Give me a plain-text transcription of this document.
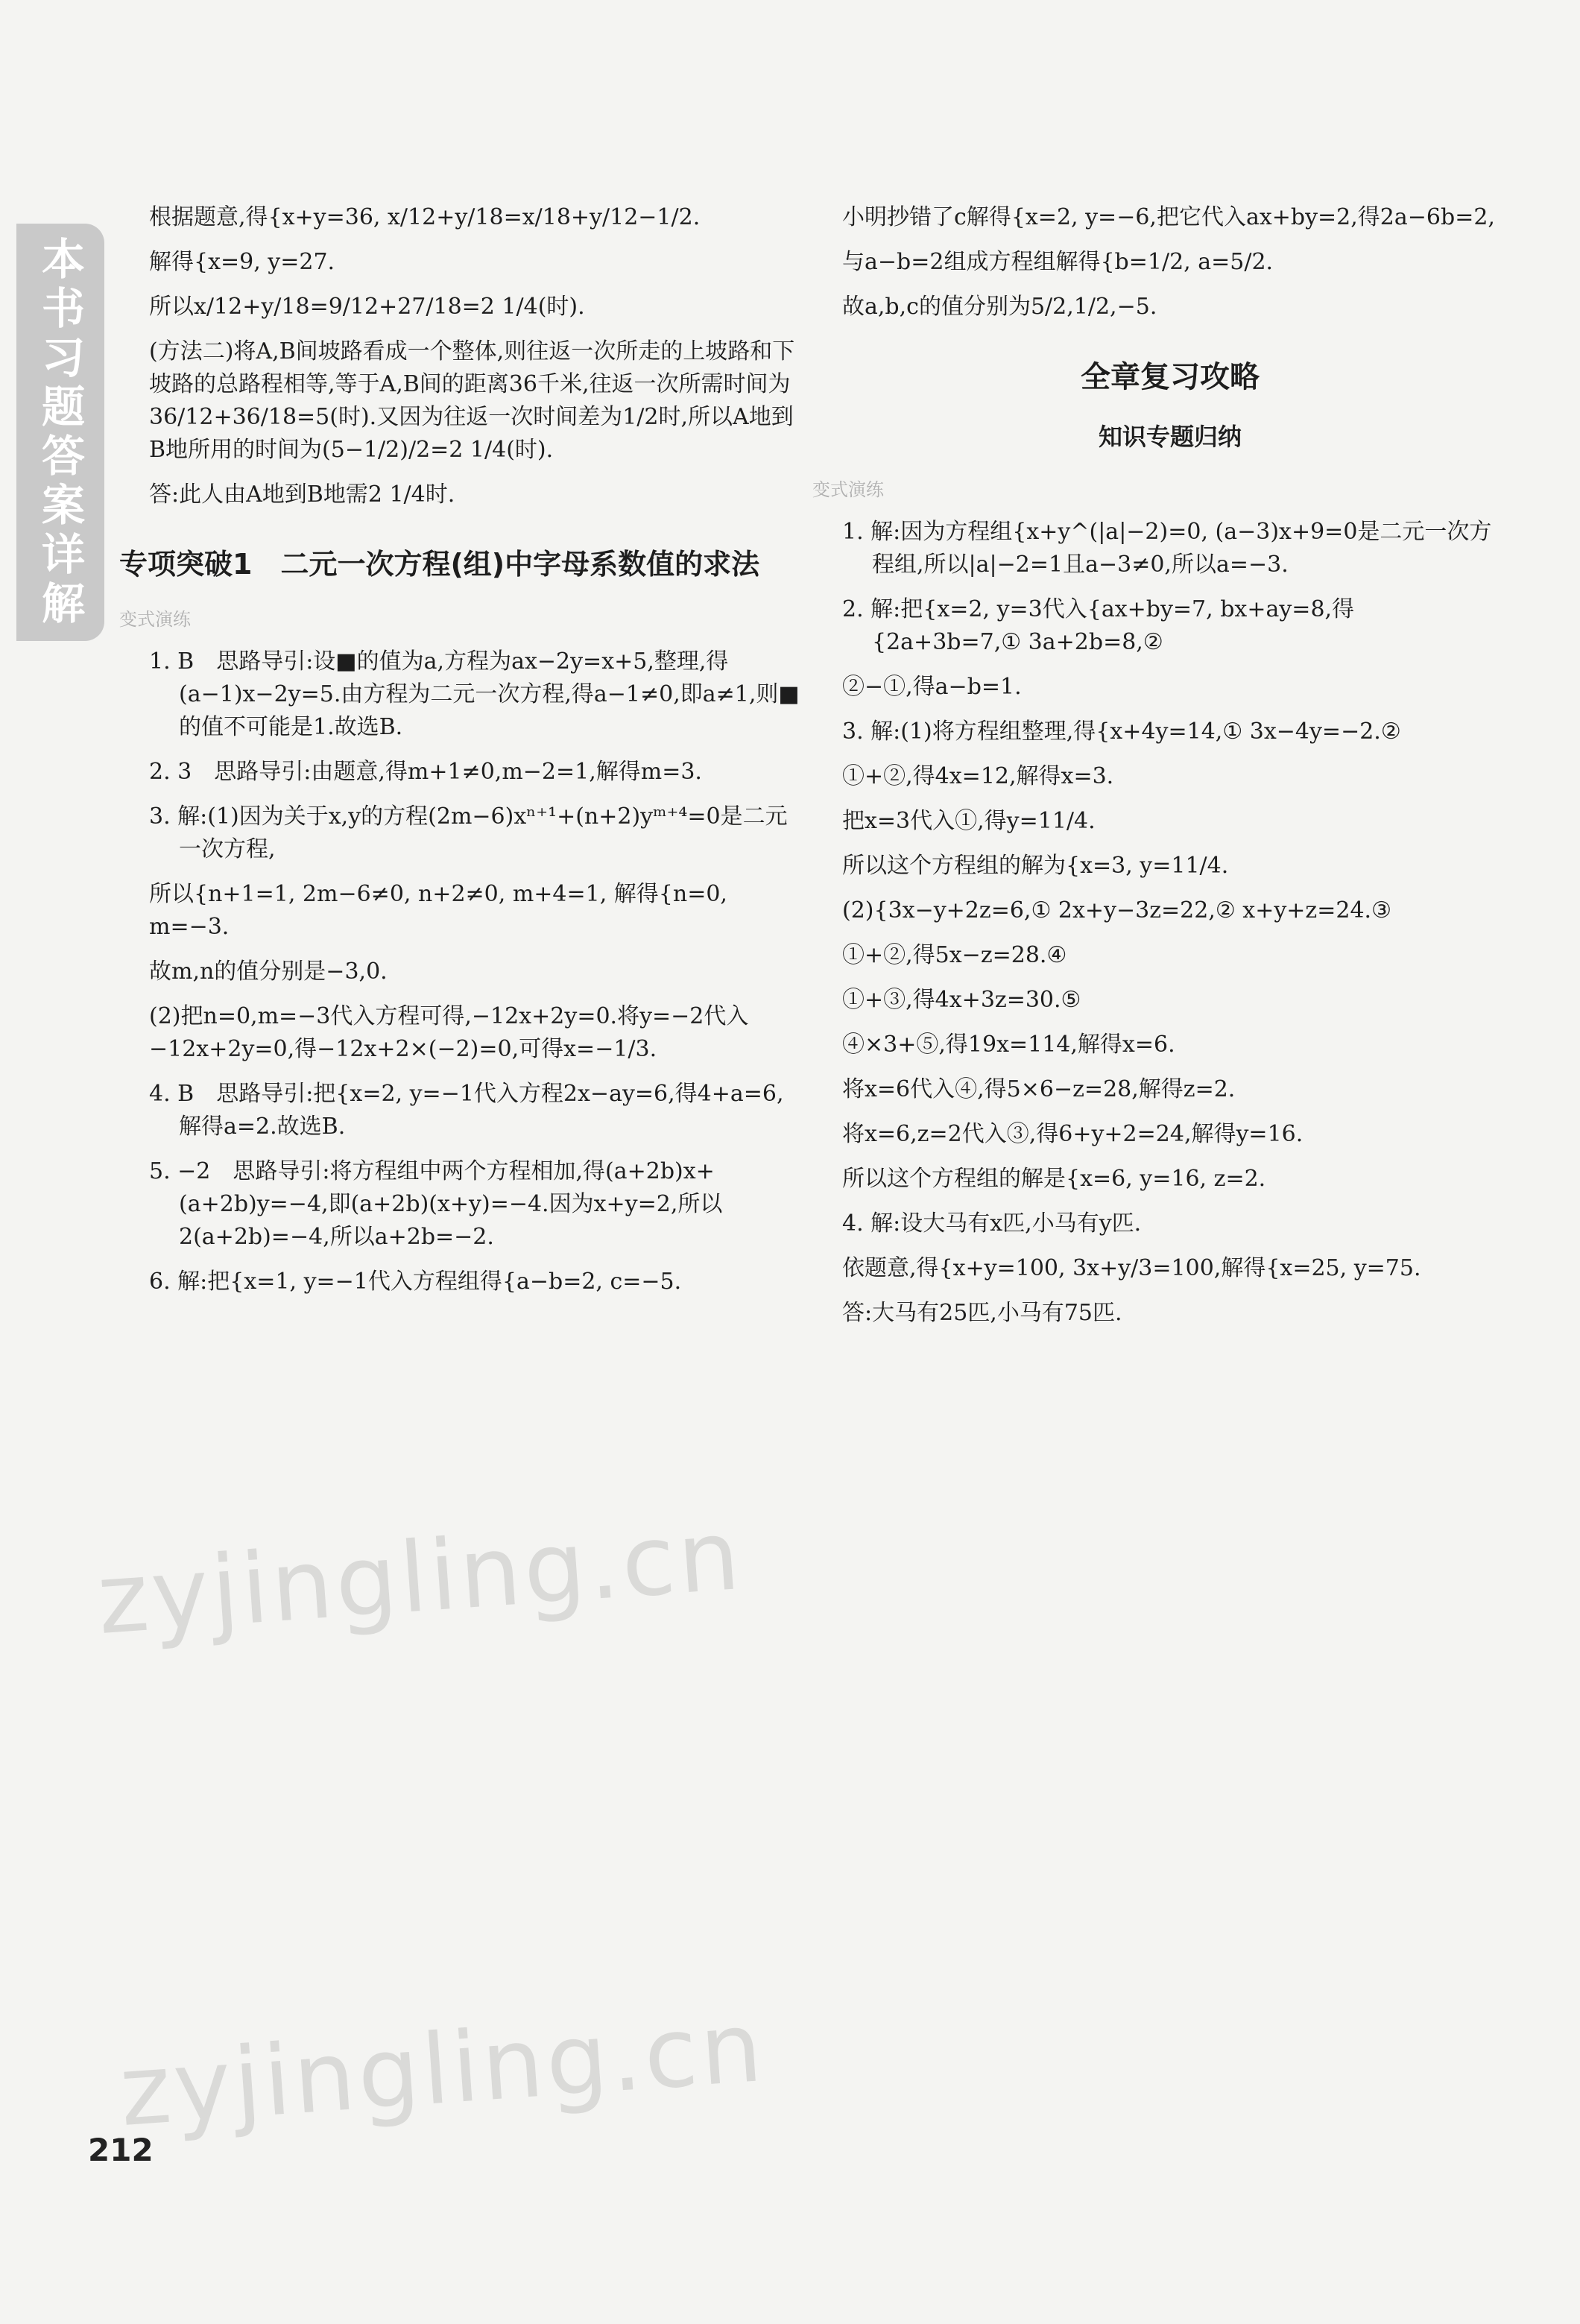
本书习题答案详解
根据题意,得{x+y=36, x/12+y/18=x/18+y/12−1/2.
解得{x=9, y=27.
所以x/12+y/18=9/12+27/18=2 1/4(时).
(方法二)将A,B间坡路看成一个整体,则往返一次所走的上坡路和下坡路的总路程相等,等于A,B间的距离36千米,往返一次所需时间为36/12+36/18=5(时).又因为往返一次时间差为1/2时,所以A地到B地所用的时间为(5−1/2)/2=2 1/4(时).
答:此人由A地到B地需2 1/4时.
专项突破1　二元一次方程(组)中字母系数值的求法
变式演练
1. B　思路导引:设■的值为a,方程为ax−2y=x+5,整理,得(a−1)x−2y=5.由方程为二元一次方程,得a−1≠0,即a≠1,则■的值不可能是1.故选B.
2. 3　思路导引:由题意,得m+1≠0,m−2=1,解得m=3.
3. 解:(1)因为关于x,y的方程(2m−6)xⁿ⁺¹+(n+2)yᵐ⁺⁴=0是二元一次方程,
所以{n+1=1, 2m−6≠0, n+2≠0, m+4=1, 解得{n=0, m=−3.
故m,n的值分别是−3,0.
(2)把n=0,m=−3代入方程可得,−12x+2y=0.将y=−2代入−12x+2y=0,得−12x+2×(−2)=0,可得x=−1/3.
4. B　思路导引:把{x=2, y=−1代入方程2x−ay=6,得4+a=6,解得a=2.故选B.
5. −2　思路导引:将方程组中两个方程相加,得(a+2b)x+(a+2b)y=−4,即(a+2b)(x+y)=−4.因为x+y=2,所以2(a+2b)=−4,所以a+2b=−2.
6. 解:把{x=1, y=−1代入方程组得{a−b=2, c=−5.
小明抄错了c解得{x=2, y=−6,把它代入ax+by=2,得2a−6b=2,
与a−b=2组成方程组解得{b=1/2, a=5/2.
故a,b,c的值分别为5/2,1/2,−5.
全章复习攻略
知识专题归纳
变式演练
1. 解:因为方程组{x+y^(|a|−2)=0, (a−3)x+9=0是二元一次方程组,所以|a|−2=1且a−3≠0,所以a=−3.
2. 解:把{x=2, y=3代入{ax+by=7, bx+ay=8,得{2a+3b=7,① 3a+2b=8,②
②−①,得a−b=1.
3. 解:(1)将方程组整理,得{x+4y=14,① 3x−4y=−2.②
①+②,得4x=12,解得x=3.
把x=3代入①,得y=11/4.
所以这个方程组的解为{x=3, y=11/4.
(2){3x−y+2z=6,① 2x+y−3z=22,② x+y+z=24.③
①+②,得5x−z=28.④
①+③,得4x+3z=30.⑤
④×3+⑤,得19x=114,解得x=6.
将x=6代入④,得5×6−z=28,解得z=2.
将x=6,z=2代入③,得6+y+2=24,解得y=16.
所以这个方程组的解是{x=6, y=16, z=2.
4. 解:设大马有x匹,小马有y匹.
依题意,得{x+y=100, 3x+y/3=100,解得{x=25, y=75.
答:大马有25匹,小马有75匹.
zyjingling.cn
zyjingling.cn
212
